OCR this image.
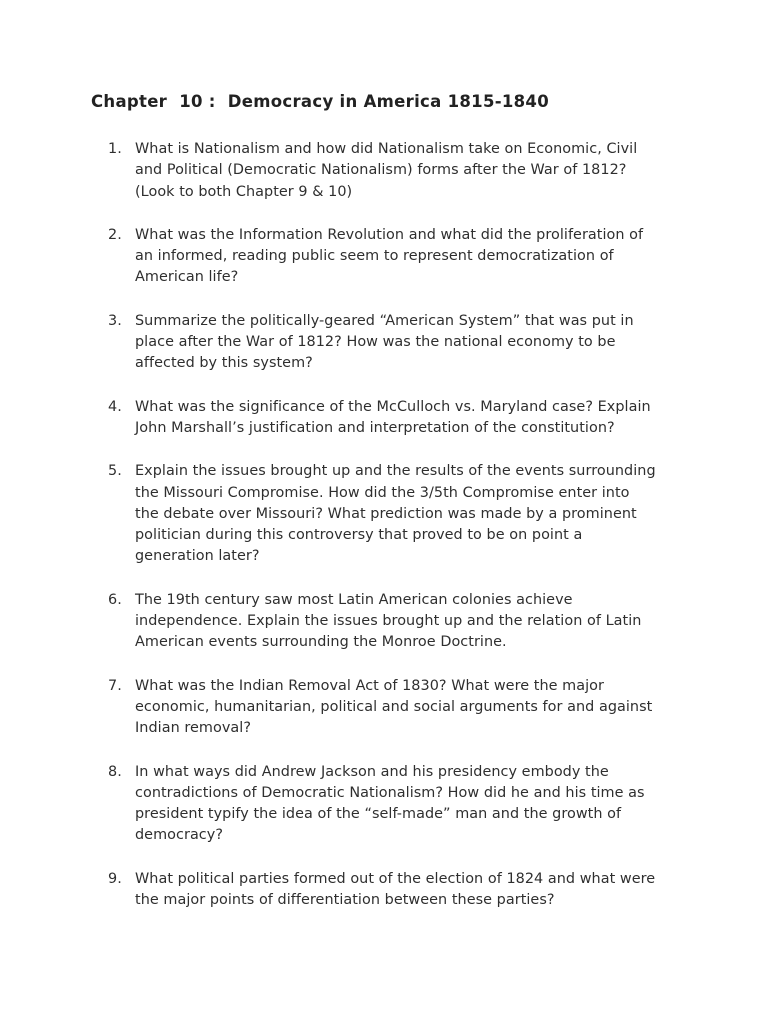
Chapter  10 :  Democracy in America 1815-1840
1. What is Nationalism and how did Nationalism take on Economic, Civil
and Political (Democratic Nationalism) forms after the War of 1812?
(Look to both Chapter 9 & 10)
2. What was the Information Revolution and what did the proliferation of
an informed, reading public seem to represent democratization of
American life?
3. Summarize the politically-geared “American System” that was put in
place after the War of 1812? How was the national economy to be
affected by this system?
4. What was the significance of the McCulloch vs. Maryland case? Explain
John Marshall’s justification and interpretation of the constitution?
5. Explain the issues brought up and the results of the events surrounding
the Missouri Compromise. How did the 3/5th Compromise enter into
the debate over Missouri? What prediction was made by a prominent
politician during this controversy that proved to be on point a
generation later?
6. The 19th century saw most Latin American colonies achieve
independence. Explain the issues brought up and the relation of Latin
American events surrounding the Monroe Doctrine.
7. What was the Indian Removal Act of 1830? What were the major
economic, humanitarian, political and social arguments for and against
Indian removal?
8. In what ways did Andrew Jackson and his presidency embody the
contradictions of Democratic Nationalism? How did he and his time as
president typify the idea of the “self-made” man and the growth of
democracy?
9. What political parties formed out of the election of 1824 and what were
the major points of differentiation between these parties?
